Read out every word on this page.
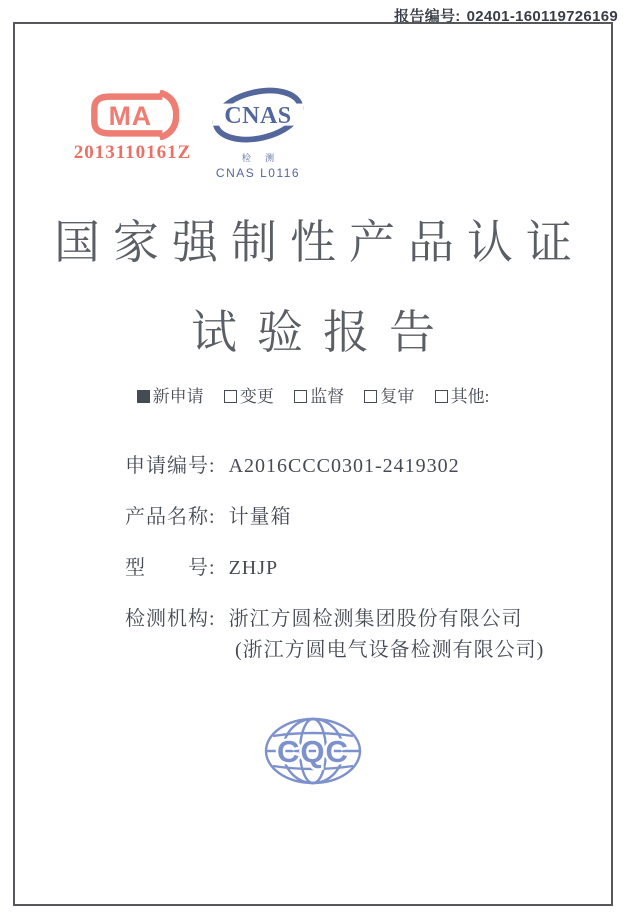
报告编号: 02401-160119726169
MA
2013110161Z
CNAS
检 测
CNAS L0116
国家强制性产品认证
试验报告
新申请 变更 监督 复审 其他:
申请编号: A2016CCC0301-2419302
产品名称: 计量箱
型　　号: ZHJP
检测机构: 浙江方圆检测集团股份有限公司
(浙江方圆电气设备检测有限公司)
CQC
